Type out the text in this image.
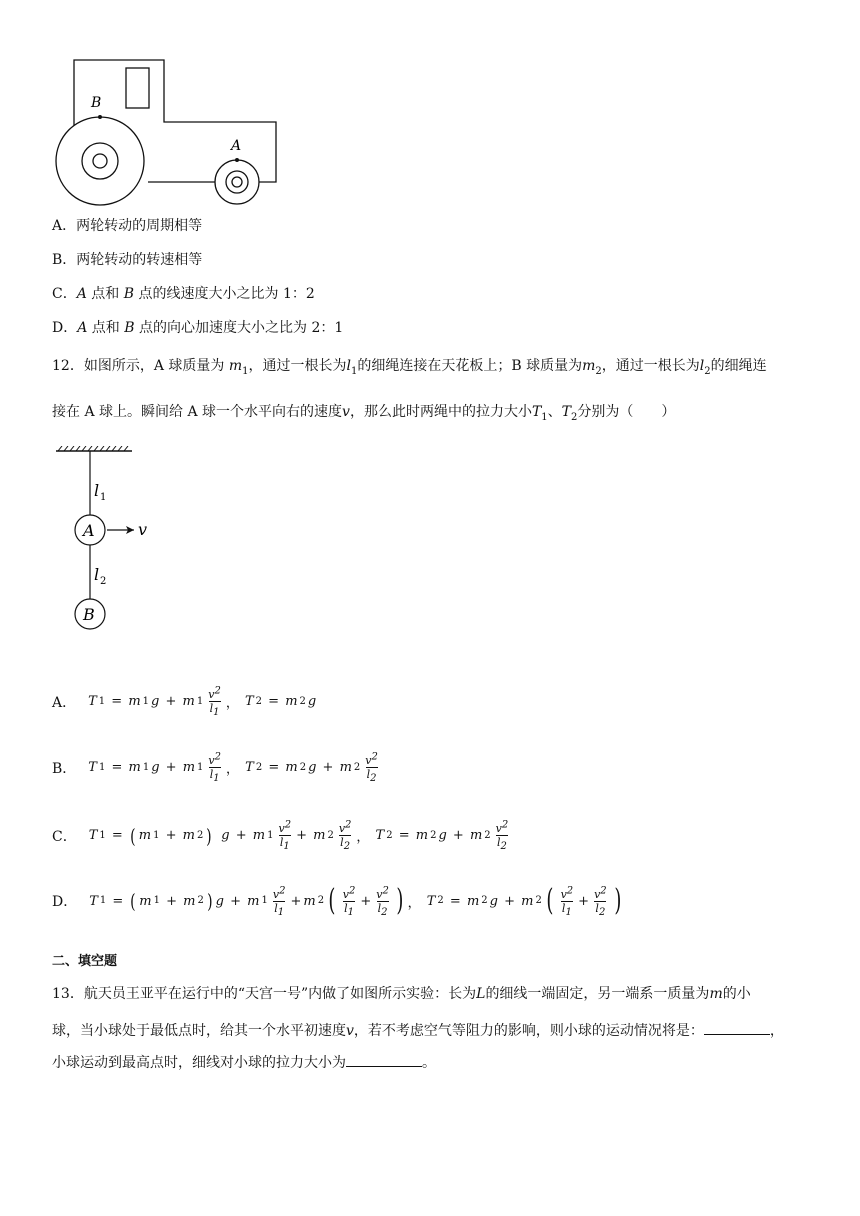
B
A
A．两轮转动的周期相等
B．两轮转动的转速相等
C．A 点和 B 点的线速度大小之比为 1：2
D．A 点和 B 点的向心加速度大小之比为 2：1
12．如图所示，A 球质量为 $m_1$，通过一根长为$l_1$的细绳连接在天花板上；B 球质量为$m_2$，通过一根长为$l_2$的细绳连
接在 A 球上。瞬间给 A 球一个水平向右的速度v，那么此时两绳中的拉力大小$T_1$、$T_2$分别为（　　）
l 1
A	v
l 2
B
A． T 1 = m 1 g + m $1 \frac{v^2}{l_1}$ ， T 2 = m 2 g
B． T 1 = m 1 g + m $1 \frac{v^2}{l_1}$ ， T 2 = m 2 g + m $2 \frac{v^2}{l_2}$
C． T 1 = ( m 1 + m 2 )
g + m $1 \frac{v^2}{l_1} + m$ $2 \frac{v^2}{l_2}$ ， T 2 = m 2 g + m $2 \frac{v^2}{l_2}$
D． T 1 = ( m 1 + m 2 ) g + m $1 \frac{v^2}{l_1} + m$ 2 ( $\frac{v^2}{l_1} + \frac{v^2}{l_2}$ ) ， T 2 = m 2 g + m 2 ( $\frac{v^2}{l_1} + \frac{v^2}{l_2}$ )
二、填空题
13．航天员王亚平在运行中的“天宫一号”内做了如图所示实验：长为L的细线一端固定，另一端系一质量为m的小
球，当小球处于最低点时，给其一个水平初速度v，若不考虑空气等阻力的影响，则小球的运动情况将是：	，
小球运动到最高点时，细线对小球的拉力大小为	。
